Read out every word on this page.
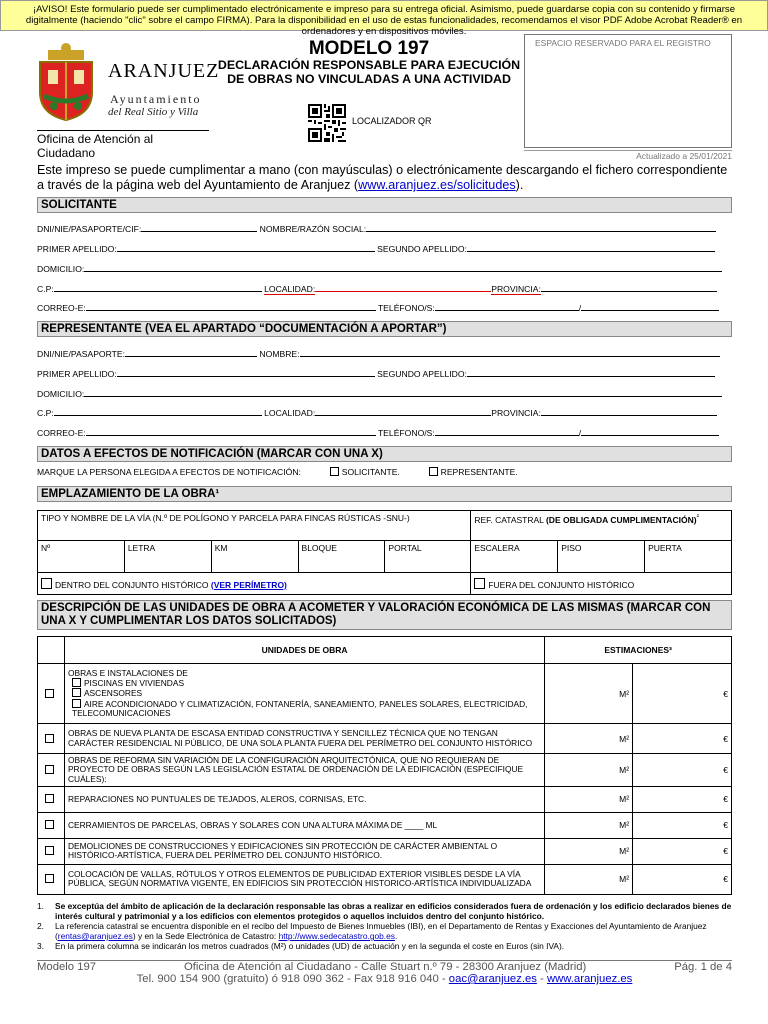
¡AVISO! Este formulario puede ser cumplimentado electrónicamente e impreso para su entrega oficial. Asimismo, puede guardarse copia con su contenido y firmarse digitalmente (haciendo "clic" sobre el campo FIRMA). Para la disponibilidad en el uso de estas funcionalidades, recomendamos el visor PDF Adobe Acrobat Reader® en ordenadores y en dispositivos móviles.
ARANJUEZ
Ayuntamiento
del Real Sitio y Villa
Oficina de Atención al Ciudadano
MODELO 197
DECLARACIÓN RESPONSABLE PARA EJECUCIÓN DE OBRAS NO VINCULADAS A UNA ACTIVIDAD
LOCALIZADOR QR
ESPACIO RESERVADO PARA EL REGISTRO
Actualizado a 25/01/2021
Este impreso se puede cumplimentar a mano (con mayúsculas) o electrónicamente descargando el fichero correspondiente a través de la página web del Ayuntamiento de Aranjuez (www.aranjuez.es/solicitudes).
SOLICITANTE
DNI/NIE/PASAPORTE/CIF:	NOMBRE/RAZÓN SOCIAL:
PRIMER APELLIDO:	SEGUNDO APELLIDO:
DOMICILIO:
C.P:	LOCALIDAD:	PROVINCIA:
CORREO-E:	TELÉFONO/S:	/
REPRESENTANTE (VEA EL APARTADO “DOCUMENTACIÓN A APORTAR”)
DNI/NIE/PASAPORTE:	NOMBRE:
PRIMER APELLIDO:	SEGUNDO APELLIDO:
DOMICILIO:
C.P:	LOCALIDAD:	PROVINCIA:
CORREO-E:	TELÉFONO/S:	/
DATOS A EFECTOS DE NOTIFICACIÓN (MARCAR CON UNA X)
MARQUE LA PERSONA ELEGIDA A EFECTOS DE NOTIFICACIÓN:	SOLICITANTE.	REPRESENTANTE.
EMPLAZAMIENTO DE LA OBRA¹
TIPO Y NOMBRE DE LA VÍA (N.º DE POLÍGONO Y PARCELA PARA FINCAS RÚSTICAS -SNU-)					REF. CATASTRAL (DE OBLIGADA CUMPLIMENTACIÓN)$^{^2}$
Nº	LETRA	KM	BLOQUE	PORTAL	ESCALERA	PISO	PUERTA
DENTRO DEL CONJUNTO HISTÓRICO (VER PERÍMETRO)					FUERA DEL CONJUNTO HISTÓRICO		
DESCRIPCIÓN DE LAS UNIDADES DE OBRA A ACOMETER Y VALORACIÓN ECONÓMICA DE LAS MISMAS (MARCAR CON UNA X Y CUMPLIMENTAR LOS DATOS SOLICITADOS)
	UNIDADES DE OBRA	ESTIMACIONES³	

	OBRAS E INSTALACIONES DE
PISCINAS EN VIVIENDAS
ASCENSORES
AIRE ACONDICIONADO Y CLIMATIZACIÓN, FONTANERÍA, SANEAMIENTO, PANELES SOLARES, ELECTRICIDAD, TELECOMUNICACIONES	M²	€
	OBRAS DE NUEVA PLANTA DE ESCASA ENTIDAD CONSTRUCTIVA Y SENCILLEZ TÉCNICA QUE NO TENGAN CARÁCTER RESIDENCIAL NI PÚBLICO, DE UNA SOLA PLANTA FUERA DEL PERÍMETRO DEL CONJUNTO HISTÓRICO	M²	€
	OBRAS DE REFORMA SIN VARIACIÓN DE LA CONFIGURACIÓN ARQUITECTÓNICA, QUE NO REQUIERAN DE PROYECTO DE OBRAS SEGÚN LAS LEGISLACIÓN ESTATAL DE ORDENACIÓN DE LA EDIFICACIÓN (ESPECIFIQUE CUÁLES):	M²	€
	REPARACIONES NO PUNTUALES DE TEJADOS, ALEROS, CORNISAS, ETC.	M²	€
	CERRAMIENTOS DE PARCELAS, OBRAS Y SOLARES CON UNA ALTURA MÁXIMA DE ____ ML	M²	€
	DEMOLICIONES DE CONSTRUCCIONES Y EDIFICACIONES SIN PROTECCIÓN DE CARÁCTER AMBIENTAL O HISTÓRICO-ARTÍSTICA, FUERA DEL PERÍMETRO DEL CONJUNTO HISTÓRICO.	M²	€
	COLOCACIÓN DE VALLAS, RÓTULOS Y OTROS ELEMENTOS DE PUBLICIDAD EXTERIOR VISIBLES DESDE LA VÍA PÚBLICA, SEGÚN NORMATIVA VIGENTE, EN EDIFICIOS SIN PROTECCIÓN HISTORICO-ARTÍSTICA INDIVIDUALIZADA	M²	€
1.	Se exceptúa del ámbito de aplicación de la declaración responsable las obras a realizar en edificios considerados fuera de ordenación y los edificio declarados bienes de interés cultural y patrimonial y a los edificios con elementos protegidos o aquellos incluidos dentro del conjunto histórico.
2.	La referencia catastral se encuentra disponible en el recibo del Impuesto de Bienes Inmuebles (IBI), en el Departamento de Rentas y Exacciones del Ayuntamiento de Aranjuez (rentas@aranjuez.es) y en la Sede Electrónica de Catastro: http://www.sedecatastro.gob.es.
3.	En la primera columna se indicarán los metros cuadrados (M²) o unidades (UD) de actuación y en la segunda el coste en Euros (sin IVA).
Modelo 197	Oficina de Atención al Ciudadano - Calle Stuart n.º 79 - 28300 Aranjuez (Madrid)	Pág. 1 de 4
Tel. 900 154 900 (gratuito) ó 918 090 362 - Fax 918 916 040 - oac@aranjuez.es - www.aranjuez.es
